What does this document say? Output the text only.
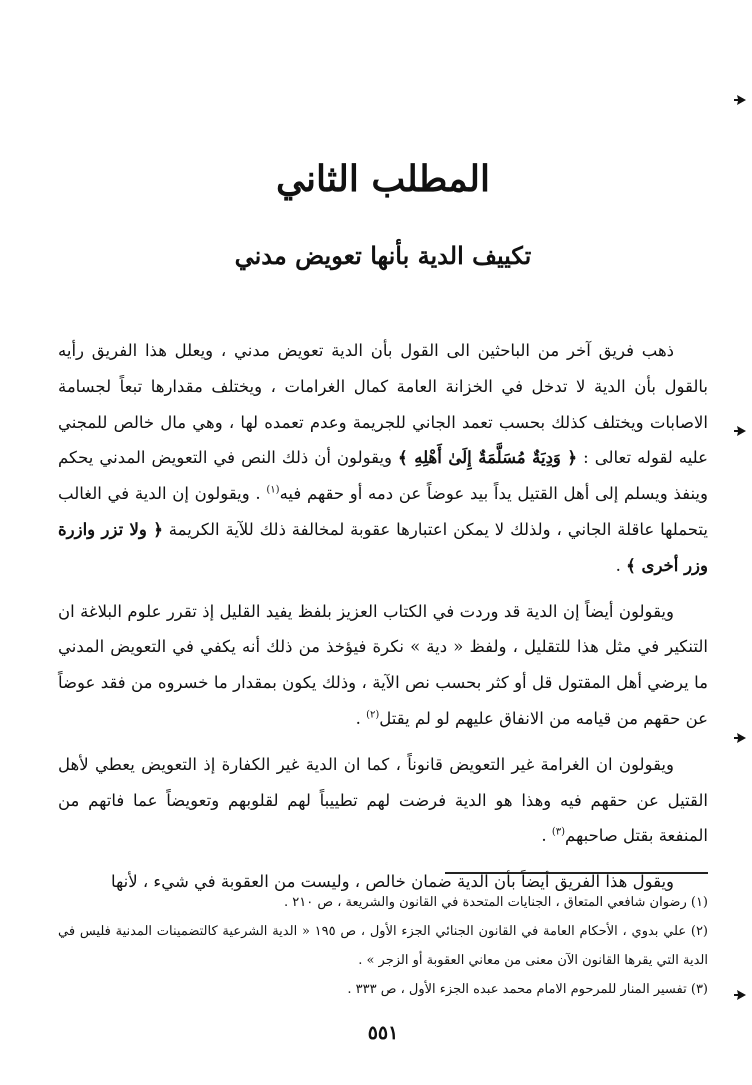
المطلب الثاني
تكييف الدية بأنها تعويض مدني

ذهب فريق آخر من الباحثين الى القول بأن الدية تعويض مدني ، ويعلل هذا الفريق رأيه بالقول بأن الدية لا تدخل في الخزانة العامة كمال الغرامات ، ويختلف مقدارها تبعاً لجسامة الاصابات ويختلف كذلك بحسب تعمد الجاني للجريمة وعدم تعمده لها ، وهي مال خالص للمجني عليه لقوله تعالى : ﴿ وَدِيَةٌ مُسَلَّمَةٌ إِلَىٰ أَهْلِهِ ﴾ ويقولون أن ذلك النص في التعويض المدني يحكم وينفذ ويسلم إلى أهل القتيل يداً بيد عوضاً عن دمه أو حقهم فيه$^{(١)}$ . ويقولون إن الدية في الغالب يتحملها عاقلة الجاني ، ولذلك لا يمكن اعتبارها عقوبة لمخالفة ذلك للآية الكريمة ﴿ ولا تزر وازرة وزر أخرى ﴾ .

ويقولون أيضاً إن الدية قد وردت في الكتاب العزيز بلفظ يفيد القليل إذ تقرر علوم البلاغة ان التنكير في مثل هذا للتقليل ، ولفظ « دية » نكرة فيؤخذ من ذلك أنه يكفي في التعويض المدني ما يرضي أهل المقتول قل أو كثر بحسب نص الآية ، وذلك يكون بمقدار ما خسروه من فقد عوضاً عن حقهم من قيامه من الانفاق عليهم لو لم يقتل$^{(٢)}$ .

ويقولون ان الغرامة غير التعويض قانوناً ، كما ان الدية غير الكفارة إذ التعويض يعطي لأهل القتيل عن حقهم فيه وهذا هو الدية فرضت لهم تطييباً لهم لقلوبهم وتعويضاً عما فاتهم من المنفعة بقتل صاحبهم$^{(٣)}$ .

ويقول هذا الفريق أيضاً بأن الدية ضمان خالص ، وليست من العقوبة في شيء ، لأنها

(١) رضوان شافعي المتعاق ، الجنايات المتحدة في القانون والشريعة ، ص ٢١٠ .

(٢) علي بدوي ، الأحكام العامة في القانون الجنائي الجزء الأول ، ص ١٩٥ « الدية الشرعية كالتضمينات المدنية فليس في الدية التي يقرها القانون الآن معنى من معاني العقوبة أو الزجر » .

(٣) تفسير المنار للمرحوم الامام محمد عبده الجزء الأول ، ص ٣٣٣ .

٥٥١
